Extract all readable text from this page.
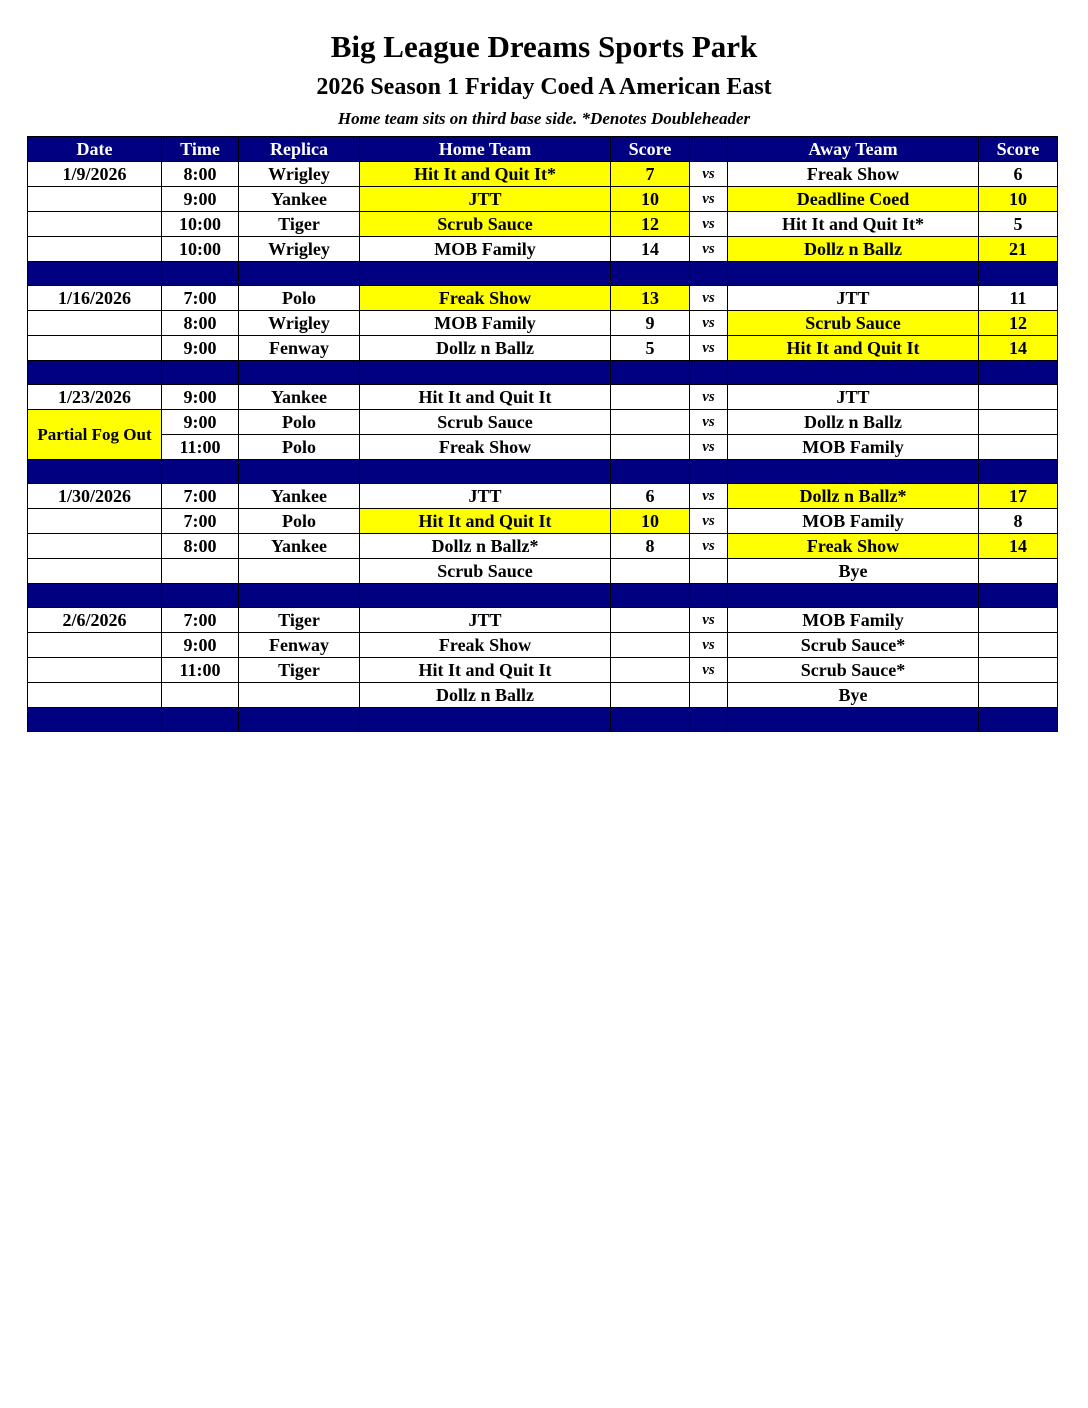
Big League Dreams Sports Park
2026 Season 1 Friday Coed A American East
Home team sits on third base side. *Denotes Doubleheader
Date	Time	Replica	Home Team	Score		Away Team	Score
1/9/2026	8:00	Wrigley	Hit It and Quit It*	7	vs	Freak Show	6
	9:00	Yankee	JTT	10	vs	Deadline Coed	10
	10:00	Tiger	Scrub Sauce	12	vs	Hit It and Quit It*	5
	10:00	Wrigley	MOB Family	14	vs	Dollz n Ballz	21

1/16/2026	7:00	Polo	Freak Show	13	vs	JTT	11
	8:00	Wrigley	MOB Family	9	vs	Scrub Sauce	12
	9:00	Fenway	Dollz n Ballz	5	vs	Hit It and Quit It	14

1/23/2026	9:00	Yankee	Hit It and Quit It		vs	JTT	
Partial Fog Out	9:00	Polo	Scrub Sauce		vs	Dollz n Ballz	
	11:00	Polo	Freak Show		vs	MOB Family	

1/30/2026	7:00	Yankee	JTT	6	vs	Dollz n Ballz*	17
	7:00	Polo	Hit It and Quit It	10	vs	MOB Family	8
	8:00	Yankee	Dollz n Ballz*	8	vs	Freak Show	14
			Scrub Sauce			Bye	

2/6/2026	7:00	Tiger	JTT		vs	MOB Family	
	9:00	Fenway	Freak Show		vs	Scrub Sauce*	
	11:00	Tiger	Hit It and Quit It		vs	Scrub Sauce*	
			Dollz n Ballz			Bye	
